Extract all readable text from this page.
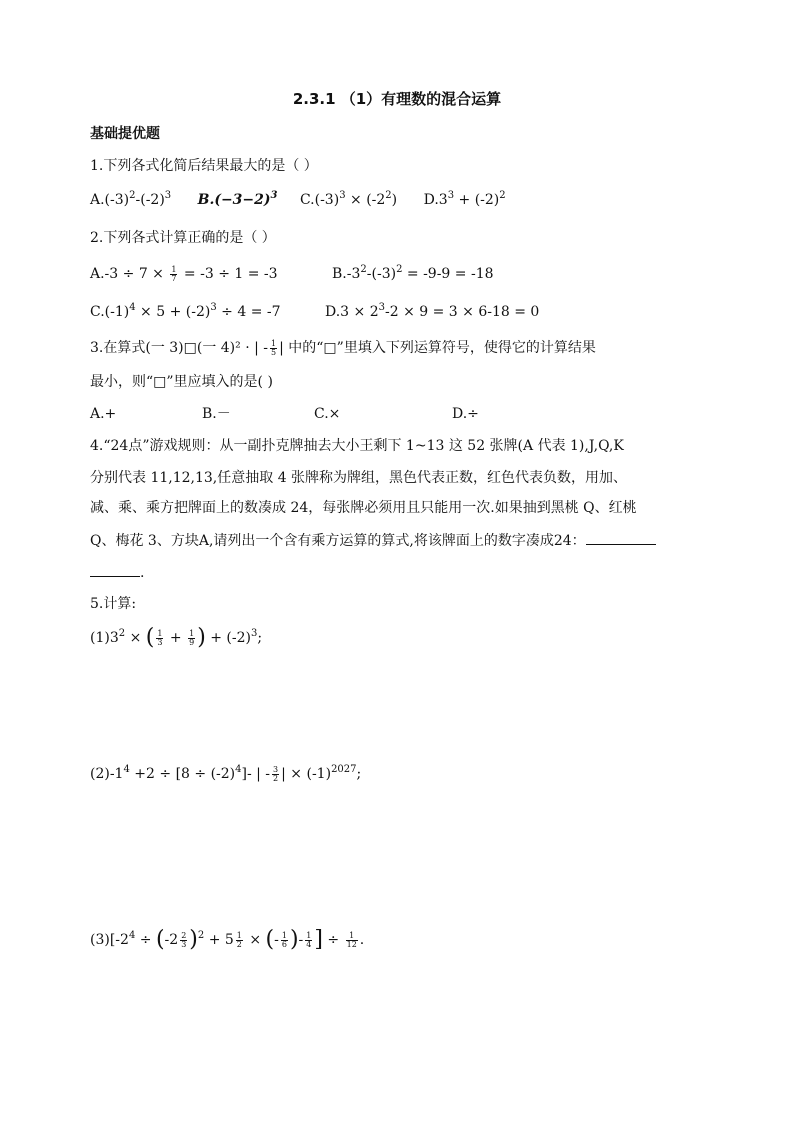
2.3.1 （1）有理数的混合运算
基础提优题
1.下列各式化简后结果最大的是（ ）
$A.(-3)^2-(-2)^3$ $B.(-3-2)^3$ $C.(-3)^3 \times (-2^2) D.3^3 + (-2)^2$
2.下列各式计算正确的是（ ）
$A.-3 \div 7 \times \frac{1}{7} = -3 \div 1 = -3$	$B.-3^2-(-3)^2 = -9-9 = -18$
$C.(-1)^4 \times 5 + (-2)^3 \div 4 = -7$	$D.3 \times 2^3-2 \times 9 = 3 \times 6-18 = 0$
3.在算式(一 3)□(一 4)² · | - $\frac{1}{5}$ | 中的“□”里填入下列运算符号，使得它的计算结果
最小，则“□”里应填入的是( )
A.+	B.－	C.×	D.÷
4.“24点”游戏规则：从一副扑克牌抽去大小王剩下 1~13 这 52 张牌(A 代表 1),J,Q,K
分别代表 11,12,13,任意抽取 4 张牌称为牌组，黑色代表正数，红色代表负数，用加、
减、乘、乘方把牌面上的数凑成 24，每张牌必须用且只能用一次.如果抽到黑桃 Q、红桃
Q、梅花 3、方块A,请列出一个含有乘方运算的算式,将该牌面上的数字凑成24：
.
5.计算:
$(1)3^2$ × ( $\frac{1}{3} + \frac{1}{9}$ ) + $(-2)^3$;
$(2)-1^4 +2 \div [8 \div (-2)^4]-$ | - $\frac{3}{2}$ | × $(-1)^{2027}$;
$(3)[-2^4$ ÷ ( $-2 \frac{2}{3} )^2 + 5 \frac{1}{2}$ × (- $\frac{1}{6}$ )- $\frac{1}{4}$ ] ÷ $\frac{1}{12}$ .
